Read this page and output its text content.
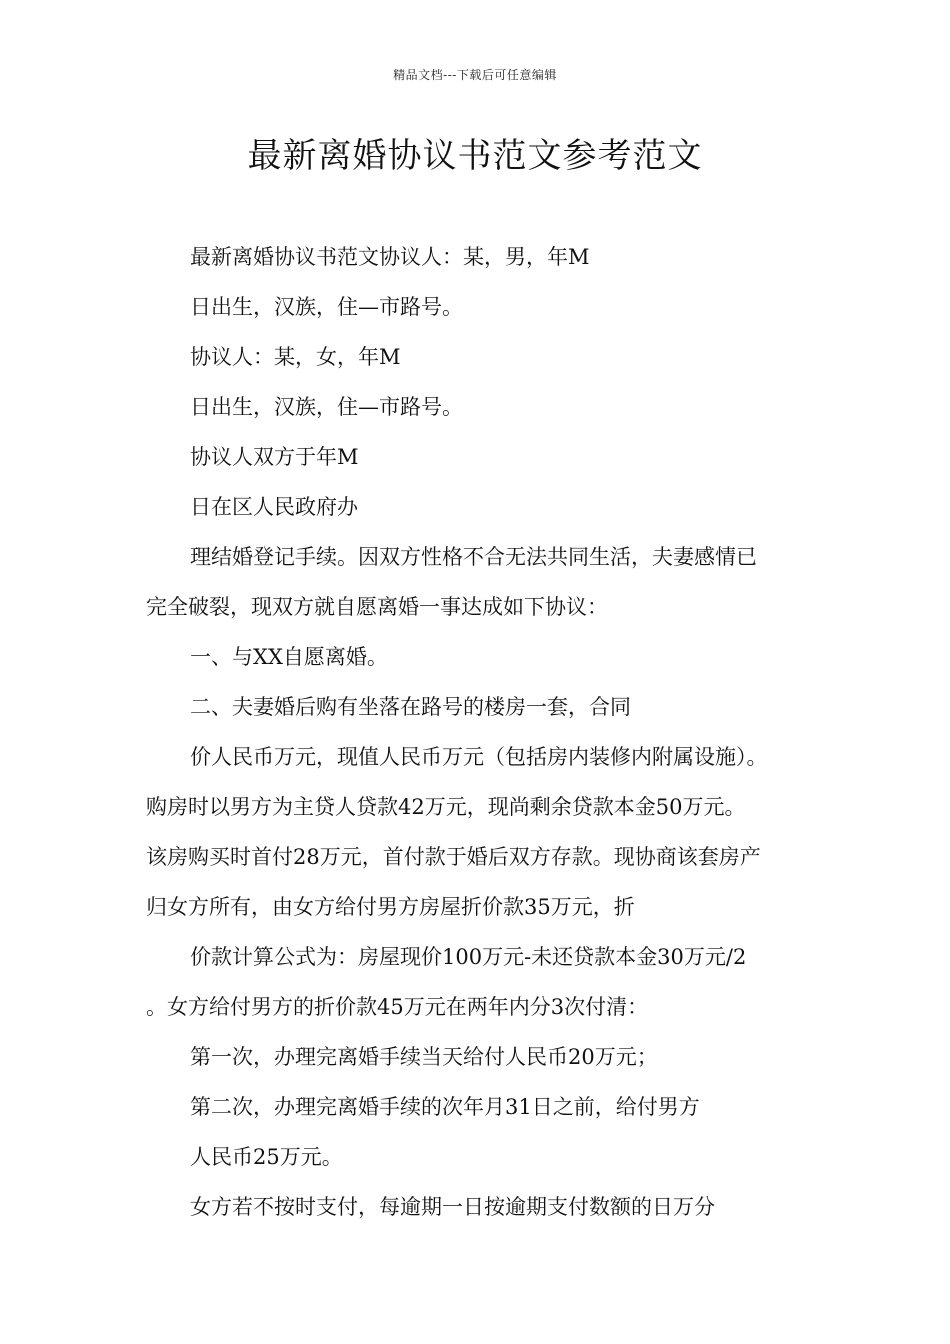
精品文档---下载后可任意编辑
最新离婚协议书范文参考范文
最新离婚协议书范文协议人：某，男，年M
日出生，汉族，住—市路号。
协议人：某，女，年M
日出生，汉族，住—市路号。
协议人双方于年M
日在区人民政府办
理结婚登记手续。因双方性格不合无法共同生活，夫妻感情已
完全破裂，现双方就自愿离婚一事达成如下协议：
一、与XX自愿离婚。
二、夫妻婚后购有坐落在路号的楼房一套，合同
价人民币万元，现值人民币万元（包括房内装修内附属设施）。
购房时以男方为主贷人贷款42万元，现尚剩余贷款本金50万元。
该房购买时首付28万元，首付款于婚后双方存款。现协商该套房产
归女方所有，由女方给付男方房屋折价款35万元，折
价款计算公式为：房屋现价100万元-未还贷款本金30万元/2
。女方给付男方的折价款45万元在两年内分3次付清：
第一次，办理完离婚手续当天给付人民币20万元；
第二次，办理完离婚手续的次年月31日之前，给付男方
人民币25万元。
女方若不按时支付，每逾期一日按逾期支付数额的日万分
